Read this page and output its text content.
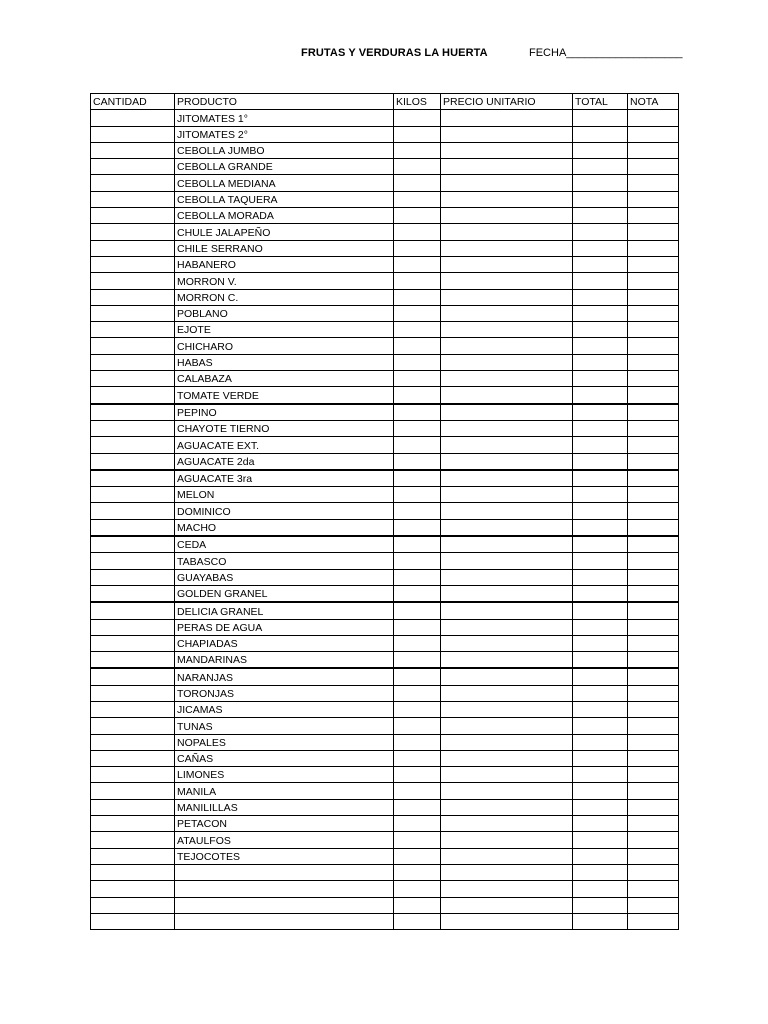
FRUTAS Y VERDURAS LA HUERTA	FECHA___________________
CANTIDAD	PRODUCTO	KILOS	PRECIO UNITARIO	TOTAL	NOTA
	JITOMATES 1°				
	JITOMATES 2°				
	CEBOLLA JUMBO				
	CEBOLLA GRANDE				
	CEBOLLA MEDIANA				
	CEBOLLA TAQUERA				
	CEBOLLA MORADA				
	CHULE JALAPEÑO				
	CHILE SERRANO				
	HABANERO				
	MORRON V.				
	MORRON C.				
	POBLANO				
	EJOTE				
	CHICHARO				
	HABAS				
	CALABAZA				
	TOMATE VERDE				
	PEPINO				
	CHAYOTE TIERNO				
	AGUACATE EXT.				
	AGUACATE 2da				
	AGUACATE 3ra				
	MELON				
	DOMINICO				
	MACHO				
	CEDA				
	TABASCO				
	GUAYABAS				
	GOLDEN GRANEL				
	DELICIA GRANEL				
	PERAS DE AGUA				
	CHAPIADAS				
	MANDARINAS				
	NARANJAS				
	TORONJAS				
	JICAMAS				
	TUNAS				
	NOPALES				
	CAÑAS				
	LIMONES				
	MANILA				
	MANILILLAS				
	PETACON				
	ATAULFOS				
	TEJOCOTES				
